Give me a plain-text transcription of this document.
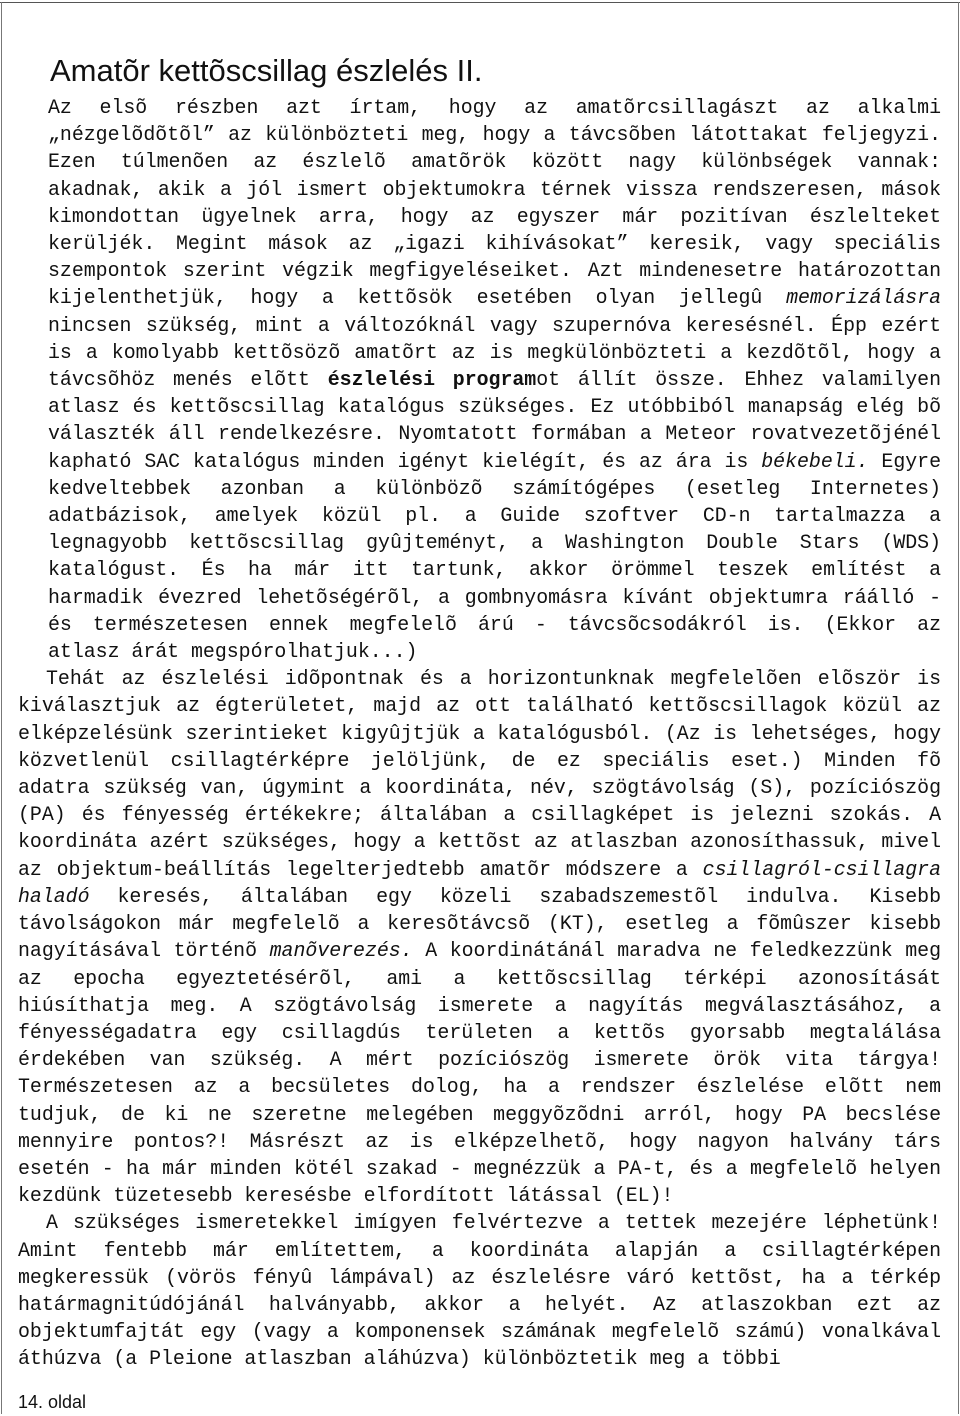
Amatõr kettõscsillag észlelés II.

Az elsõ részben azt írtam, hogy az amatõrcsillagászt az alkalmi „nézgelõdõtõl” az különbözteti meg, hogy a távcsõben látottakat feljegyzi. Ezen túlmenõen az észlelõ amatõrök között nagy különbségek vannak: akadnak, akik a jól ismert objektumokra térnek vissza rendszeresen, mások kimondottan ügyelnek arra, hogy az egyszer már pozitívan észlelteket kerüljék. Megint mások az „igazi kihívásokat” keresik, vagy speciális szempontok szerint végzik megfigyeléseiket. Azt mindenesetre határozottan kijelenthetjük, hogy a kettõsök esetében olyan jellegû memorizálásra nincsen szükség, mint a változóknál vagy szupernóva keresésnél. Épp ezért is a komolyabb kettõsözõ amatõrt az is megkülönbözteti a kezdõtõl, hogy a távcsõhöz menés elõtt észlelési programot állít össze. Ehhez valamilyen atlasz és kettõscsillag katalógus szükséges. Ez utóbbiból manapság elég bõ választék áll rendelkezésre. Nyomtatott formában a Meteor rovatvezetõjénél kapható SAC katalógus minden igényt kielégít, és az ára is békebeli. Egyre kedveltebbek azonban a különbözõ számítógépes (esetleg Internetes) adatbázisok, amelyek közül pl. a Guide szoftver CD-n tartalmazza a legnagyobb kettõscsillag gyûjteményt, a Washington Double Stars (WDS) katalógust. És ha már itt tartunk, akkor örömmel teszek említést a harmadik évezred lehetõségérõl, a gombnyomásra kívánt objektumra ráálló - és természetesen ennek megfelelõ árú - távcsõcsodákról is. (Ekkor az atlasz árát megspórolhatjuk...)

Tehát az észlelési idõpontnak és a horizontunknak megfelelõen elõször is kiválasztjuk az égterületet, majd az ott található kettõscsillagok közül az elképzelésünk szerintieket kigyûjtjük a katalógusból. (Az is lehetséges, hogy közvetlenül csillagtérképre jelöljünk, de ez speciális eset.) Minden fõ adatra szükség van, úgymint a koordináta, név, szögtávolság (S), pozíciószög (PA) és fényesség értékekre; általában a csillagképet is jelezni szokás. A koordináta azért szükséges, hogy a kettõst az atlaszban azonosíthassuk, mivel az objektum-beállítás legelterjedtebb amatõr módszere a csillagról-csillagra haladó keresés, általában egy közeli szabadszemestõl indulva. Kisebb távolságokon már megfelelõ a keresõtávcsõ (KT), esetleg a fõmûszer kisebb nagyításával történõ manõverezés. A koordinátánál maradva ne feledkezzünk meg az epocha egyeztetésérõl, ami a kettõscsillag térképi azonosítását hiúsíthatja meg. A szögtávolság ismerete a nagyítás megválasztásához, a fényességadatra egy csillagdús területen a kettõs gyorsabb megtalálása érdekében van szükség. A mért pozíciószög ismerete örök vita tárgya! Természetesen az a becsületes dolog, ha a rendszer észlelése elõtt nem tudjuk, de ki ne szeretne melegében meggyõzõdni arról, hogy PA becslése mennyire pontos?! Másrészt az is elképzelhetõ, hogy nagyon halvány társ esetén - ha már minden kötél szakad - megnézzük a PA-t, és a megfelelõ helyen kezdünk tüzetesebb keresésbe elfordított látással (EL)!

A szükséges ismeretekkel imígyen felvértezve a tettek mezejére léphetünk! Amint fentebb már említettem, a koordináta alapján a csillagtérképen megkeressük (vörös fényû lámpával) az észlelésre váró kettõst, ha a térkép határmagnitúdójánál halványabb, akkor a helyét. Az atlaszokban ezt az objektumfajtát egy (vagy a komponensek számának megfelelõ számú) vonalkával áthúzva (a Pleione atlaszban aláhúzva) különböztetik meg a többi

14. oldal
